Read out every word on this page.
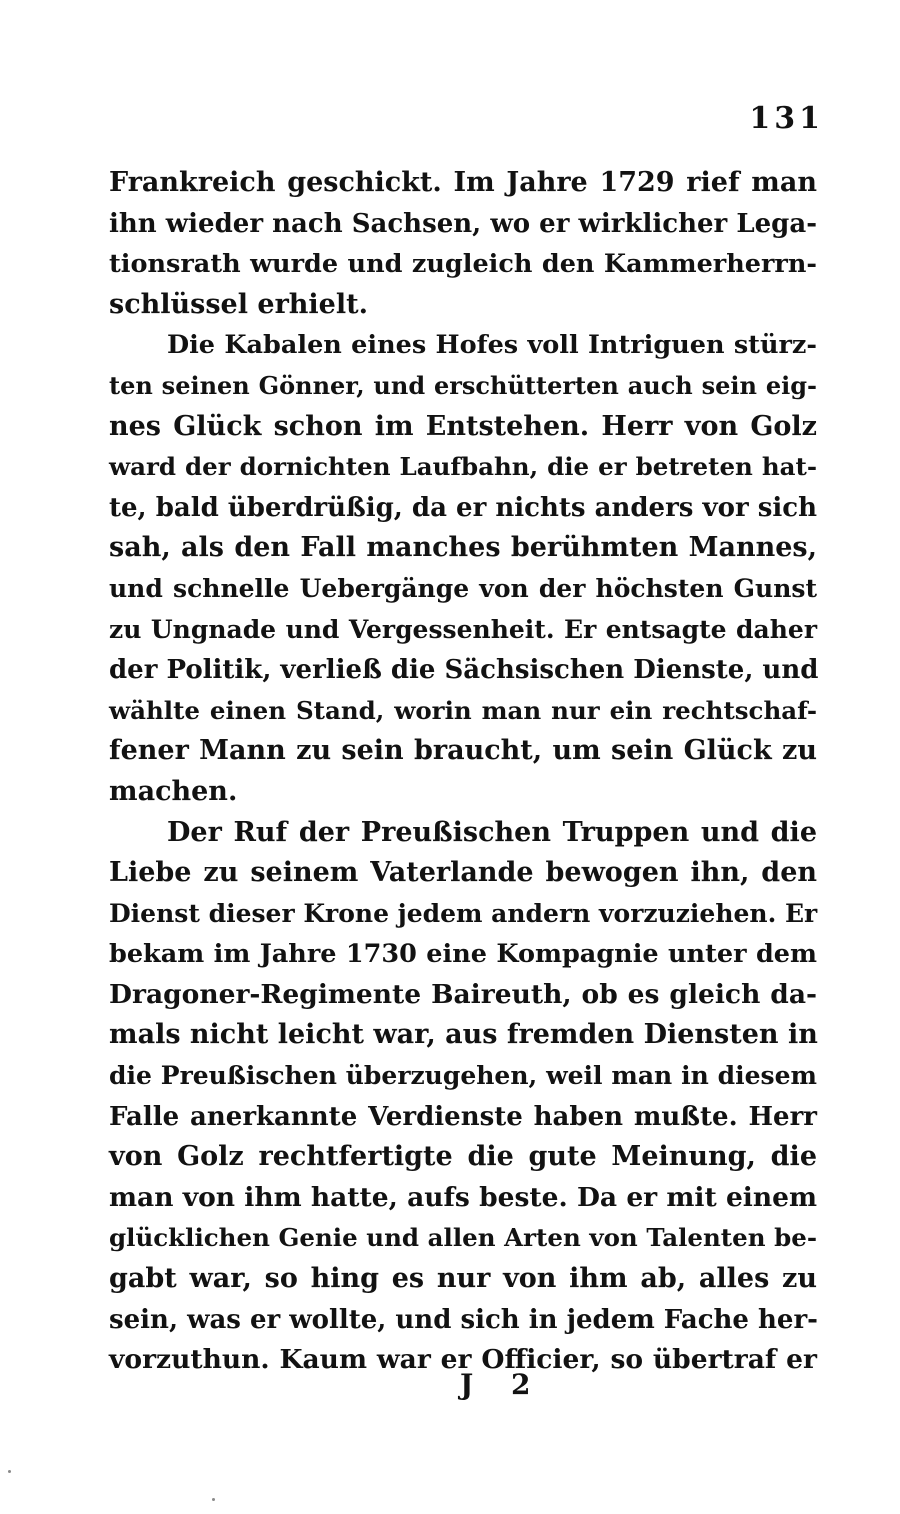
131
Frankreich geschickt. Im Jahre 1729 rief man
ihn wieder nach Sachsen, wo er wirklicher Lega-
tionsrath wurde und zugleich den Kammerherrn-
schlüssel erhielt.
Die Kabalen eines Hofes voll Intriguen stürz-
ten seinen Gönner, und erschütterten auch sein eig-
nes Glück schon im Entstehen. Herr von Golz
ward der dornichten Laufbahn, die er betreten hat-
te, bald überdrüßig, da er nichts anders vor sich
sah, als den Fall manches berühmten Mannes,
und schnelle Uebergänge von der höchsten Gunst
zu Ungnade und Vergessenheit. Er entsagte daher
der Politik, verließ die Sächsischen Dienste, und
wählte einen Stand, worin man nur ein rechtschaf-
fener Mann zu sein braucht, um sein Glück zu
machen.
Der Ruf der Preußischen Truppen und die
Liebe zu seinem Vaterlande bewogen ihn, den
Dienst dieser Krone jedem andern vorzuziehen. Er
bekam im Jahre 1730 eine Kompagnie unter dem
Dragoner-Regimente Baireuth, ob es gleich da-
mals nicht leicht war, aus fremden Diensten in
die Preußischen überzugehen, weil man in diesem
Falle anerkannte Verdienste haben mußte. Herr
von Golz rechtfertigte die gute Meinung, die
man von ihm hatte, aufs beste. Da er mit einem
glücklichen Genie und allen Arten von Talenten be-
gabt war, so hing es nur von ihm ab, alles zu
sein, was er wollte, und sich in jedem Fache her-
vorzuthun. Kaum war er Officier, so übertraf er
J 2
